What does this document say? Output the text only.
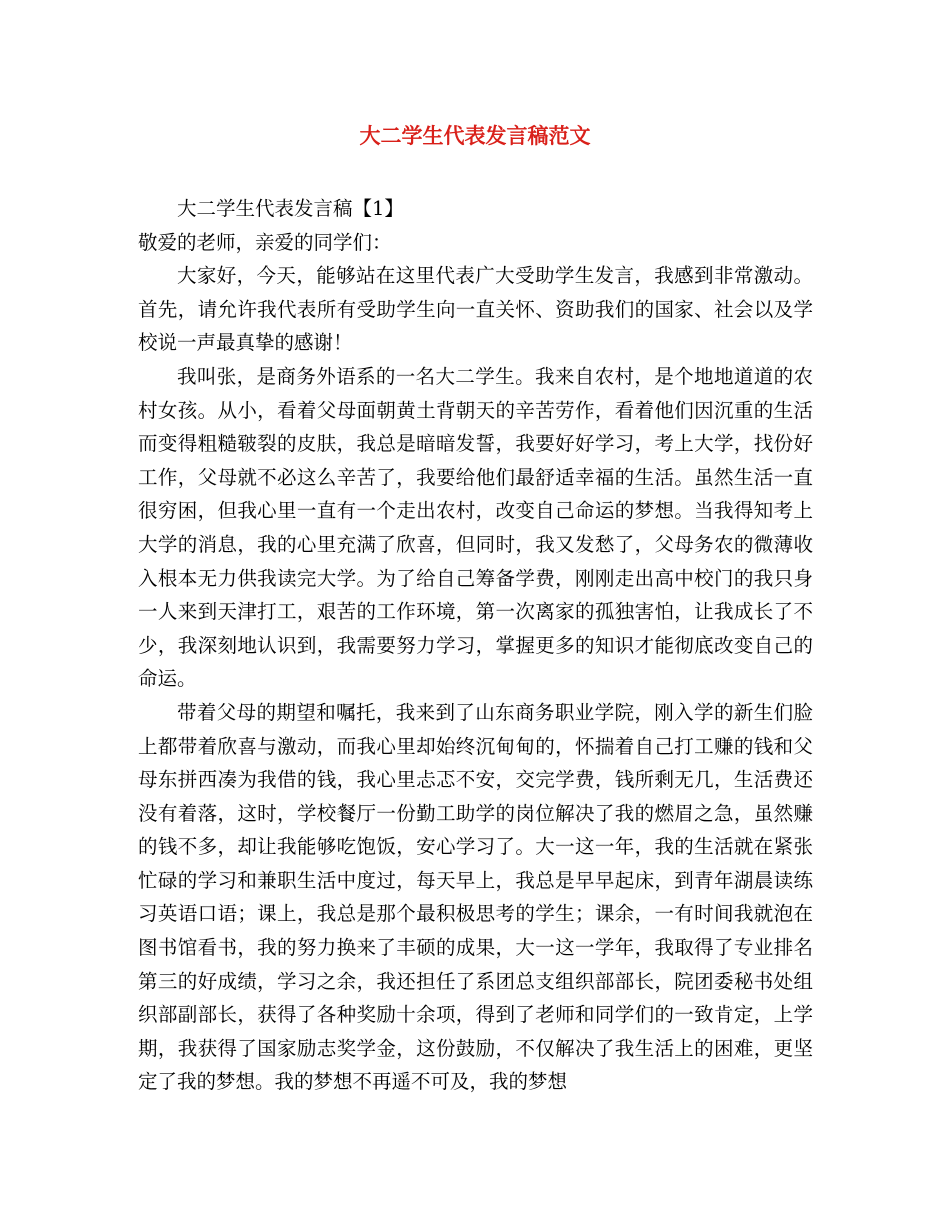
大二学生代表发言稿范文

大二学生代表发言稿【1】

敬爱的老师，亲爱的同学们：

大家好，今天，能够站在这里代表广大受助学生发言，我感到非常激动。首先，请允许我代表所有受助学生向一直关怀、资助我们的国家、社会以及学校说一声最真挚的感谢！

我叫张，是商务外语系的一名大二学生。我来自农村，是个地地道道的农村女孩。从小，看着父母面朝黄土背朝天的辛苦劳作，看着他们因沉重的生活而变得粗糙皲裂的皮肤，我总是暗暗发誓，我要好好学习，考上大学，找份好工作，父母就不必这么辛苦了，我要给他们最舒适幸福的生活。虽然生活一直很穷困，但我心里一直有一个走出农村，改变自己命运的梦想。当我得知考上大学的消息，我的心里充满了欣喜，但同时，我又发愁了，父母务农的微薄收入根本无力供我读完大学。为了给自己筹备学费，刚刚走出高中校门的我只身一人来到天津打工，艰苦的工作环境，第一次离家的孤独害怕，让我成长了不少，我深刻地认识到，我需要努力学习，掌握更多的知识才能彻底改变自己的命运。

带着父母的期望和嘱托，我来到了山东商务职业学院，刚入学的新生们脸上都带着欣喜与激动，而我心里却始终沉甸甸的，怀揣着自己打工赚的钱和父母东拼西凑为我借的钱，我心里忐忑不安，交完学费，钱所剩无几，生活费还没有着落，这时，学校餐厅一份勤工助学的岗位解决了我的燃眉之急，虽然赚的钱不多，却让我能够吃饱饭，安心学习了。大一这一年，我的生活就在紧张忙碌的学习和兼职生活中度过，每天早上，我总是早早起床，到青年湖晨读练习英语口语；课上，我总是那个最积极思考的学生；课余，一有时间我就泡在图书馆看书，我的努力换来了丰硕的成果，大一这一学年，我取得了专业排名第三的好成绩，学习之余，我还担任了系团总支组织部部长，院团委秘书处组织部副部长，获得了各种奖励十余项，得到了老师和同学们的一致肯定，上学期，我获得了国家励志奖学金，这份鼓励，不仅解决了我生活上的困难，更坚定了我的梦想。我的梦想不再遥不可及，我的梦想
